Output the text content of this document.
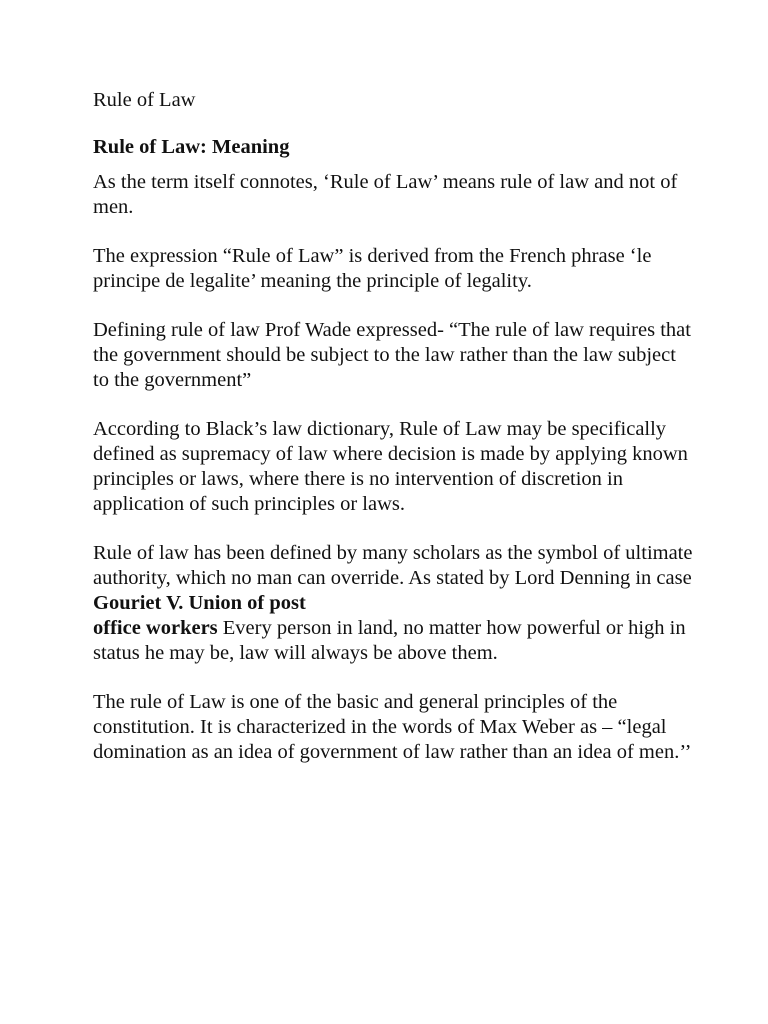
Rule of Law
Rule of Law: Meaning

As the term itself connotes, ‘Rule of Law’ means rule of law and not of men.

The expression “Rule of Law” is derived from the French phrase ‘le principe de legalite’ meaning the principle of legality.

Defining rule of law Prof Wade expressed- “The rule of law requires that the government should be subject to the law rather than the law subject to the government”

According to Black’s law dictionary, Rule of Law may be specifically defined as supremacy of law where decision is made by applying known principles or laws, where there is no intervention of discretion in application of such principles or laws.

Rule of law has been defined by many scholars as the symbol of ultimate authority, which no man can override. As stated by Lord Denning in case Gouriet V. Union of post
office workers Every person in land, no matter how powerful or high in status he may be, law will always be above them.

The rule of Law is one of the basic and general principles of the constitution. It is characterized in the words of Max Weber as – “legal domination as an idea of government of law rather than an idea of men.’’
